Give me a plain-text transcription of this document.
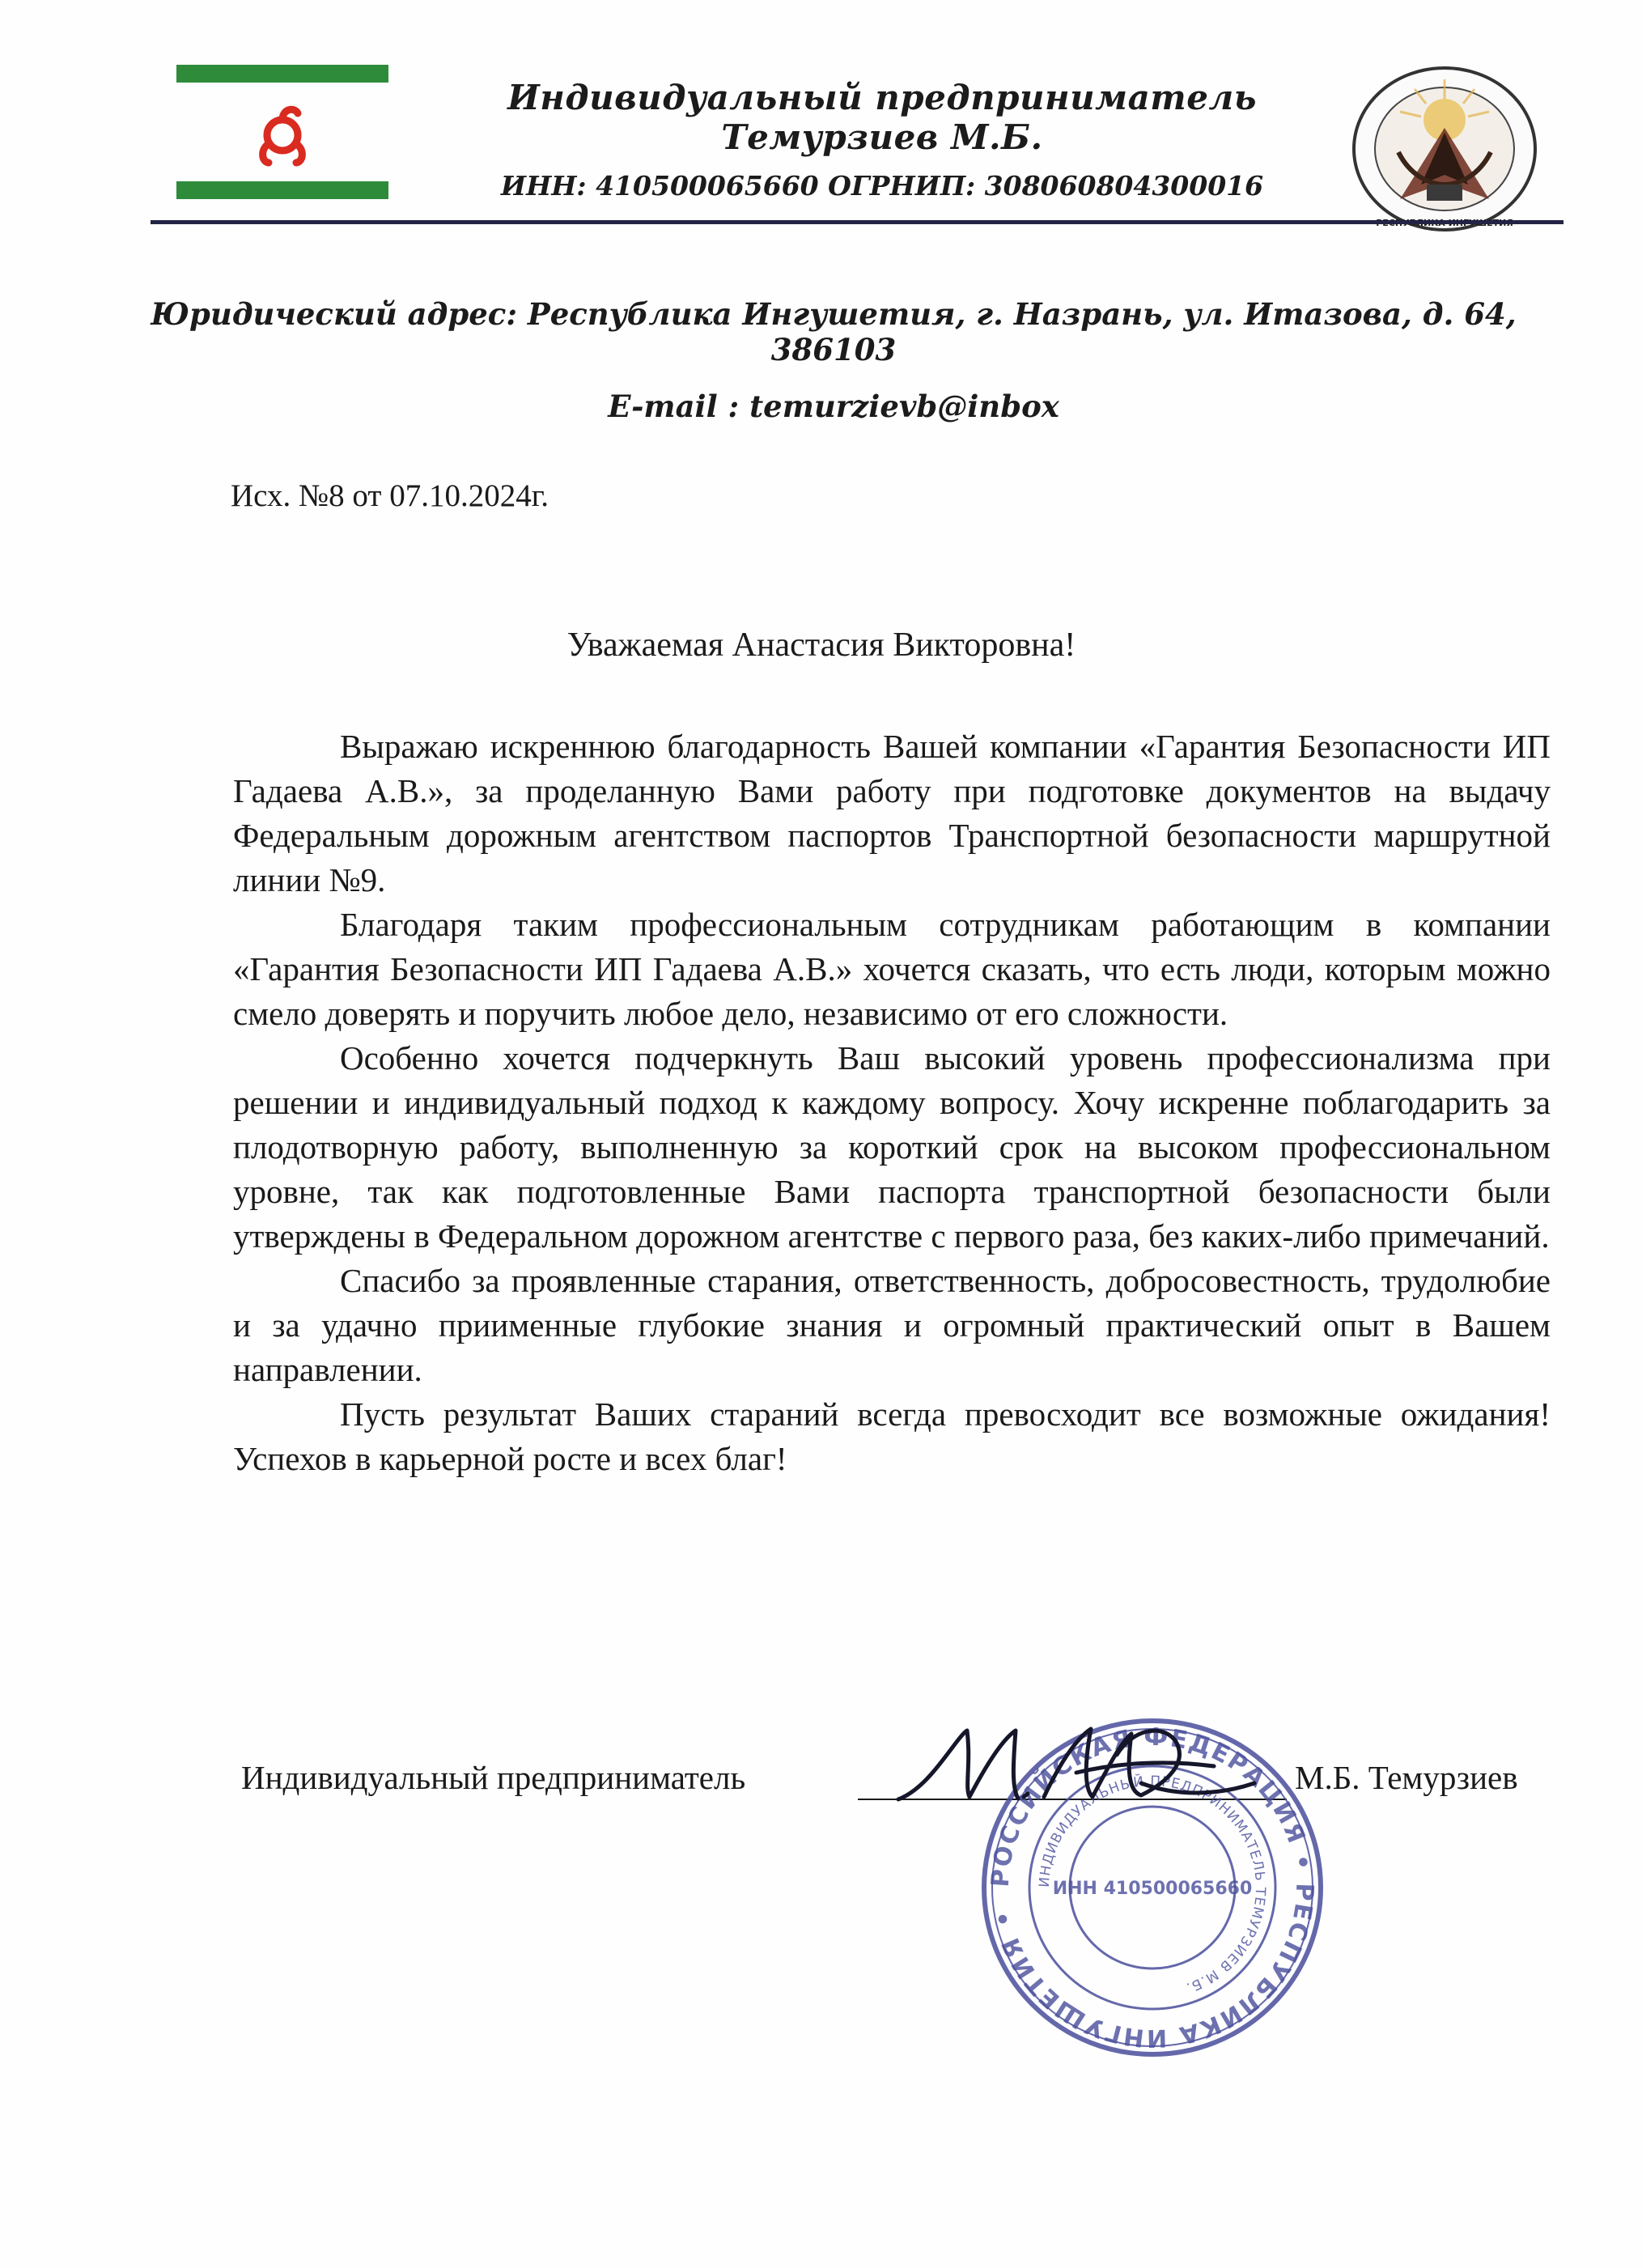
Индивидуальный предприниматель Темурзиев М.Б.
ИНН: 410500065660 ОГРНИП: 308060804300016
Юридический адрес: Республика Ингушетия, г. Назрань, ул. Итазова, д. 64, 386103
E-mail : temurzievb@inbox
Исх. №8 от 07.10.2024г.
Уважаемая Анастасия Викторовна!

Выражаю искреннюю благодарность Вашей компании «Гарантия Безопасности ИП Гадаева А.В.», за проделанную Вами работу при подготовке документов на выдачу Федеральным дорожным агентством паспортов Транспортной безопасности маршрутной линии №9.

Благодаря таким профессиональным сотрудникам работающим в компании «Гарантия Безопасности ИП Гадаева А.В.» хочется сказать, что есть люди, которым можно смело доверять и поручить любое дело, независимо от его сложности.

Особенно хочется подчеркнуть Ваш высокий уровень профессионализма при решении и индивидуальный подход к каждому вопросу. Хочу искренне поблагодарить за плодотворную работу, выполненную за короткий срок на высоком профессиональном уровне, так как подготовленные Вами паспорта транспортной безопасности были утверждены в Федеральном дорожном агентстве с первого раза, без каких-либо примечаний.

Спасибо за проявленные старания, ответственность, добросовестность, трудолюбие и за удачно приименные глубокие знания и огромный практический опыт в Вашем направлении.

Пусть результат Ваших стараний всегда превосходит все возможные ожидания! Успехов в карьерной росте и всех благ!

Индивидуальный предприниматель	М.Б. Темурзиев
РОССИЙСКАЯ ФЕДЕРАЦИЯ • РЕСПУБЛИКА ИНГУШЕТИЯ •
ИНДИВИДУАЛЬНЫЙ ПРЕДПРИНИМАТЕЛЬ ТЕМУРЗИЕВ М.Б.
ИНН 410500065660
